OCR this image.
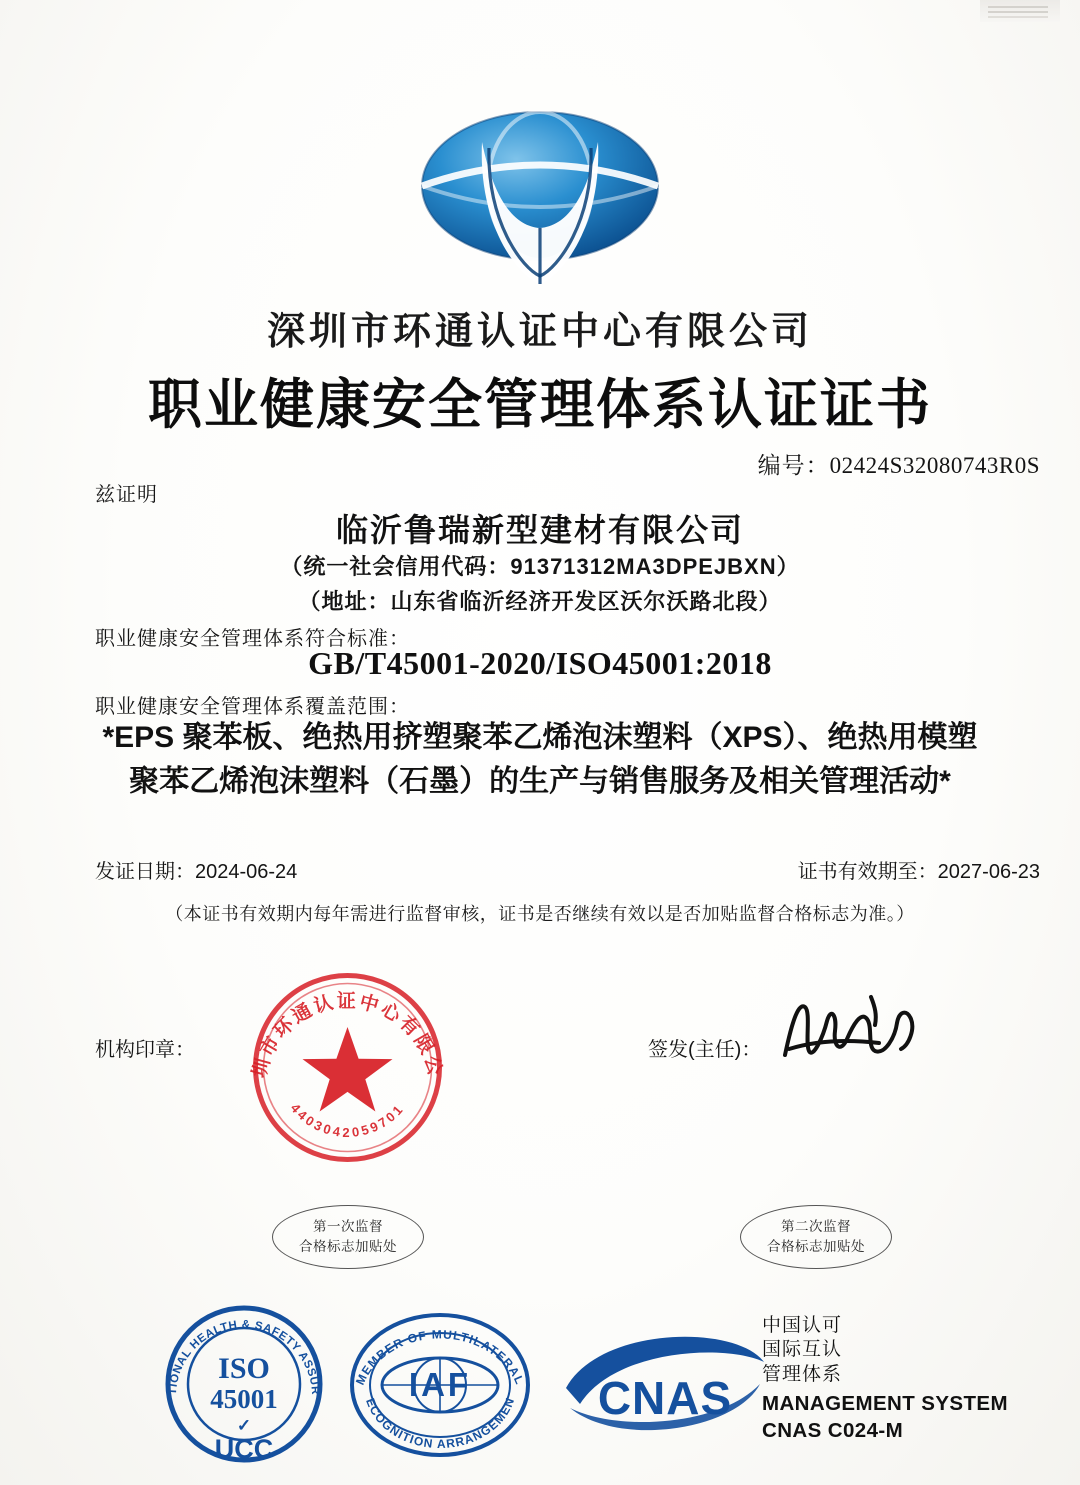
深圳市环通认证中心有限公司
职业健康安全管理体系认证证书
编号：02424S32080743R0S
兹证明
临沂鲁瑞新型建材有限公司
（统一社会信用代码：91371312MA3DPEJBXN）
（地址：山东省临沂经济开发区沃尔沃路北段）
职业健康安全管理体系符合标准：
GB/T45001-2020/ISO45001:2018
职业健康安全管理体系覆盖范围：
*EPS 聚苯板、绝热用挤塑聚苯乙烯泡沫塑料（XPS）、绝热用模塑聚苯乙烯泡沫塑料（石墨）的生产与销售服务及相关管理活动*
发证日期：2024-06-24	证书有效期至：2027-06-23
（本证书有效期内每年需进行监督审核，证书是否继续有效以是否加贴监督合格标志为准。）
机构印章：
圳市环通认证中心有限公
4403042059701
签发(主任)：
第一次监督
合格标志加贴处
第二次监督
合格标志加贴处
TIONAL HEALTH & SAFETY ASSUR
ISO
45001
✓
UCC
MEMBER OF MULTILATERAL
ECOGNITION ARRANGEMEN
IAF	CNAS
中国认可
国际互认
管理体系
MANAGEMENT SYSTEM
CNAS C024-M
